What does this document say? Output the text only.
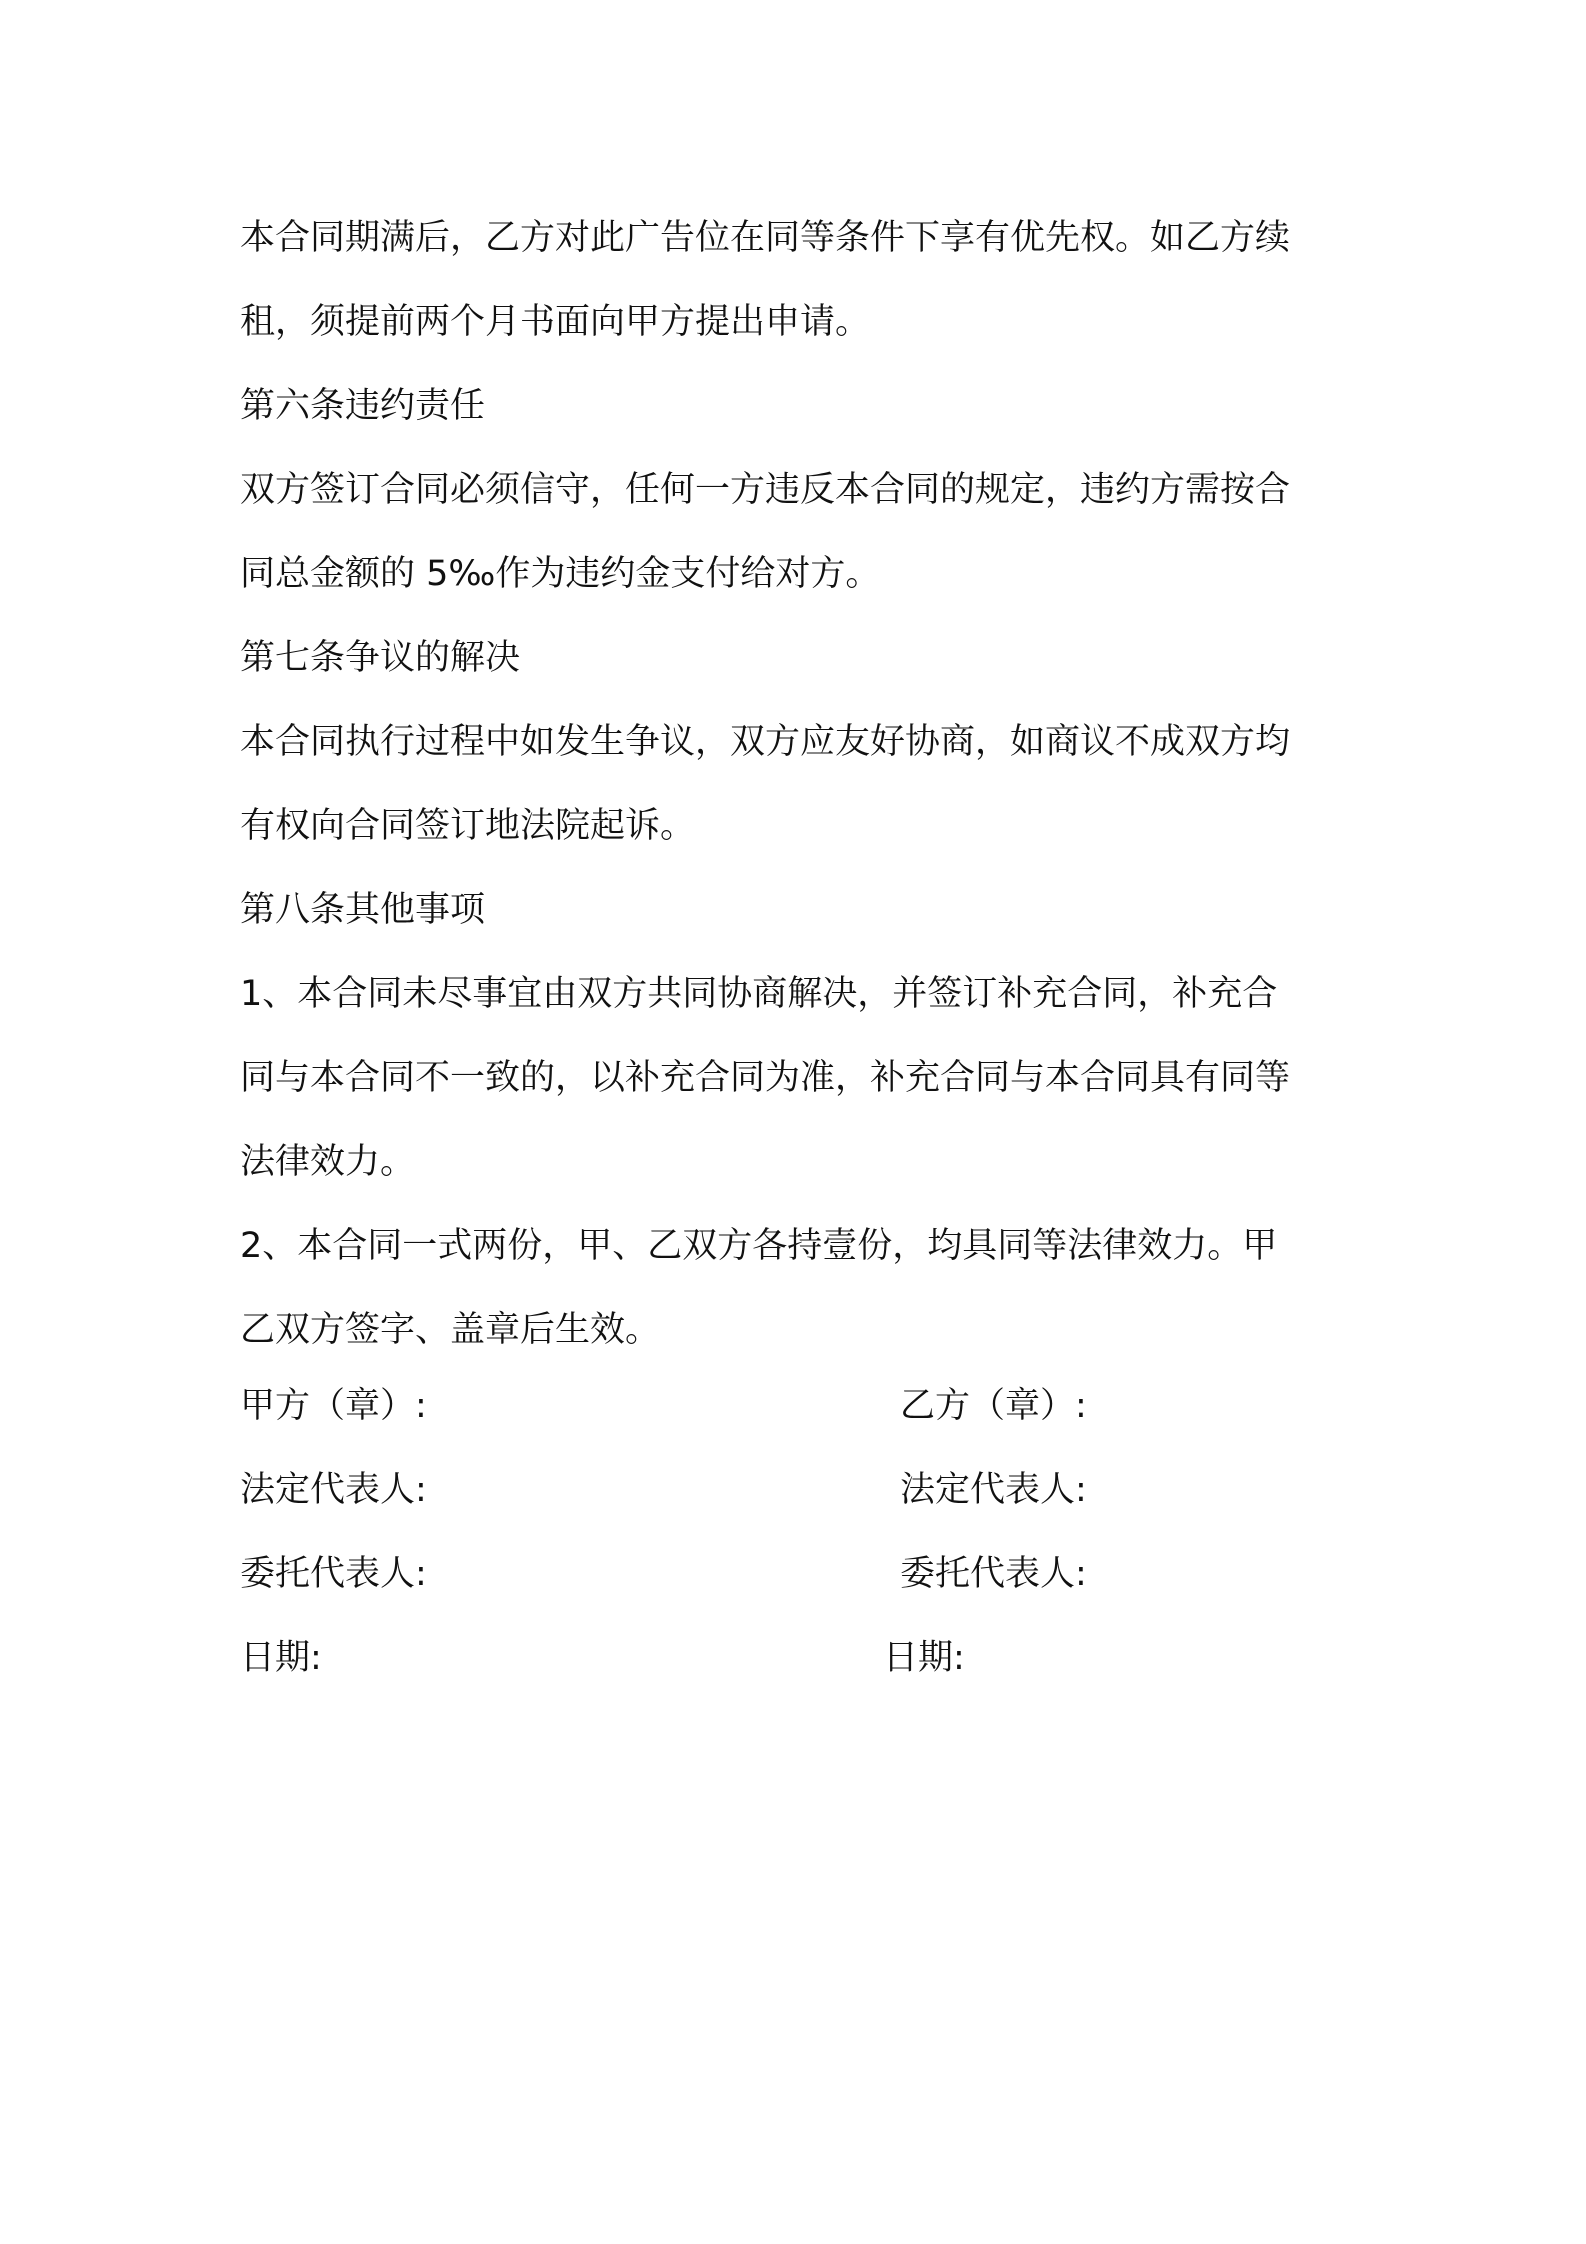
本合同期满后，乙方对此广告位在同等条件下享有优先权。如乙方续

租，须提前两个月书面向甲方提出申请。

第六条违约责任

双方签订合同必须信守，任何一方违反本合同的规定，违约方需按合

同总金额的 5‰作为违约金支付给对方。

第七条争议的解决

本合同执行过程中如发生争议，双方应友好协商，如商议不成双方均

有权向合同签订地法院起诉。

第八条其他事项

1、本合同未尽事宜由双方共同协商解决，并签订补充合同，补充合

同与本合同不一致的，以补充合同为准，补充合同与本合同具有同等

法律效力。

2、本合同一式两份，甲、乙双方各持壹份，均具同等法律效力。甲

乙双方签字、盖章后生效。

甲方（章）:	乙方（章）:
法定代表人:	法定代表人:
委托代表人:	委托代表人:
日期:	日期:
